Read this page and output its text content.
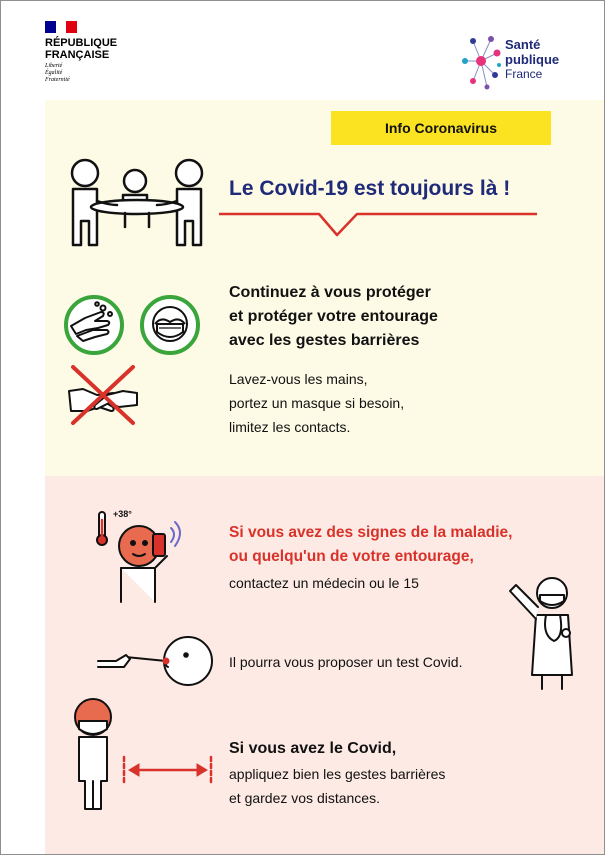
RÉPUBLIQUE
FRANÇAISE
Liberté
Égalité
Fraternité
Santé
publique
France
Info Coronavirus
Le Covid-19 est toujours là !
Continuez à vous protéger
et protéger votre entourage
avec les gestes barrières
Lavez-vous les mains,
portez un masque si besoin,
limitez les contacts.
+38°
Si vous avez des signes de la maladie,
ou quelqu'un de votre entourage,
contactez un médecin ou le 15
Il pourra vous proposer un test Covid.
Si vous avez le Covid,
appliquez bien les gestes barrières
et gardez vos distances.
